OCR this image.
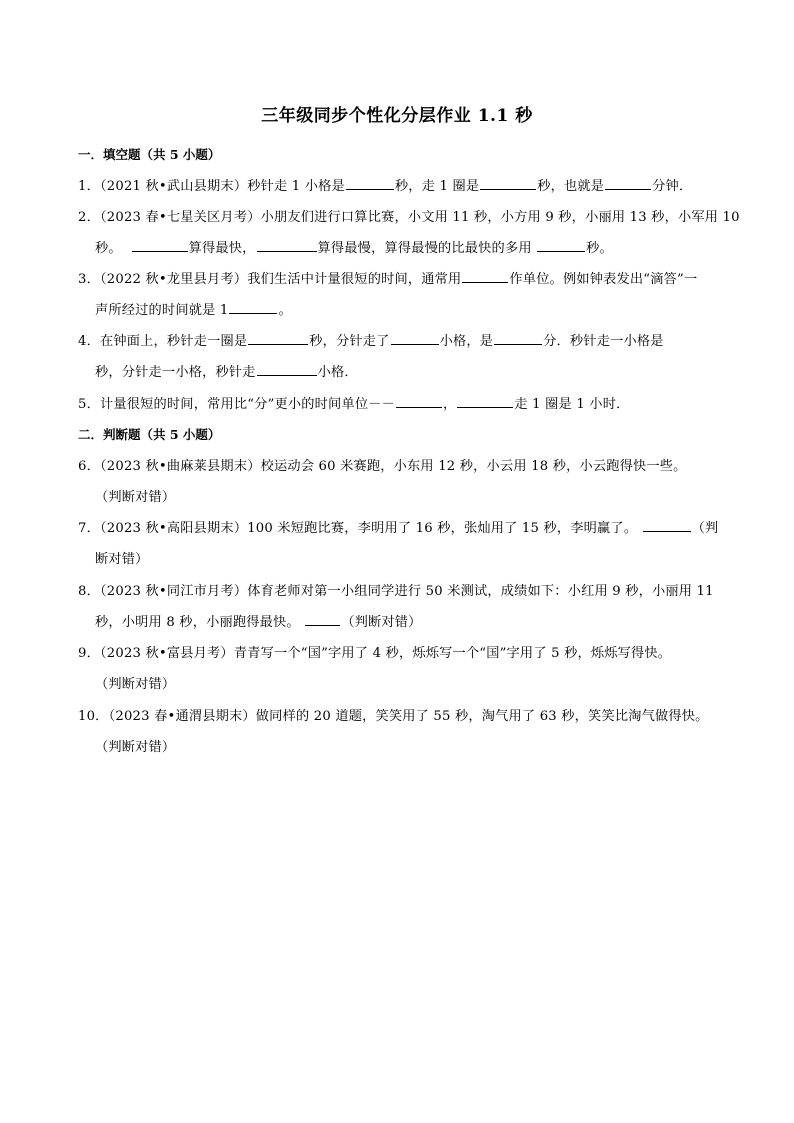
三年级同步个性化分层作业 1.1 秒
一．填空题（共 5 小题）
1．（2021 秋•武山县期末）秒针走 1 小格是	秒，走 1 圈是	秒，也就是	分钟．
2．（2023 春•七星关区月考）小朋友们进行口算比赛，小文用 11 秒，小方用 9 秒，小丽用 13 秒，小军用 10
秒。	算得最快，	算得最慢，算得最慢的比最快的多用	秒。
3．（2022 秋•龙里县月考）我们生活中计量很短的时间，通常用	作单位。例如钟表发出“滴答”一
声所经过的时间就是 1	。
4．在钟面上，秒针走一圈是	秒，分针走了	小格，是	分．秒针走一小格是
秒，分针走一小格，秒针走	小格．
5．计量很短的时间，常用比“分”更小的时间单位－－	，	走 1 圈是 1 小时．
二．判断题（共 5 小题）
6．（2023 秋•曲麻莱县期末）校运动会 60 米赛跑，小东用 12 秒，小云用 18 秒，小云跑得快一些。
（判断对错）
7．（2023 秋•高阳县期末）100 米短跑比赛，李明用了 16 秒，张灿用了 15 秒，李明赢了。	（判
断对错）
8．（2023 秋•同江市月考）体育老师对第一小组同学进行 50 米测试，成绩如下：小红用 9 秒，小丽用 11
秒，小明用 8 秒，小丽跑得最快。	（判断对错）
9．（2023 秋•富县月考）青青写一个“国”字用了 4 秒，烁烁写一个“国”字用了 5 秒，烁烁写得快。
（判断对错）
10．（2023 春•通渭县期末）做同样的 20 道题，笑笑用了 55 秒，淘气用了 63 秒，笑笑比淘气做得快。
（判断对错）
